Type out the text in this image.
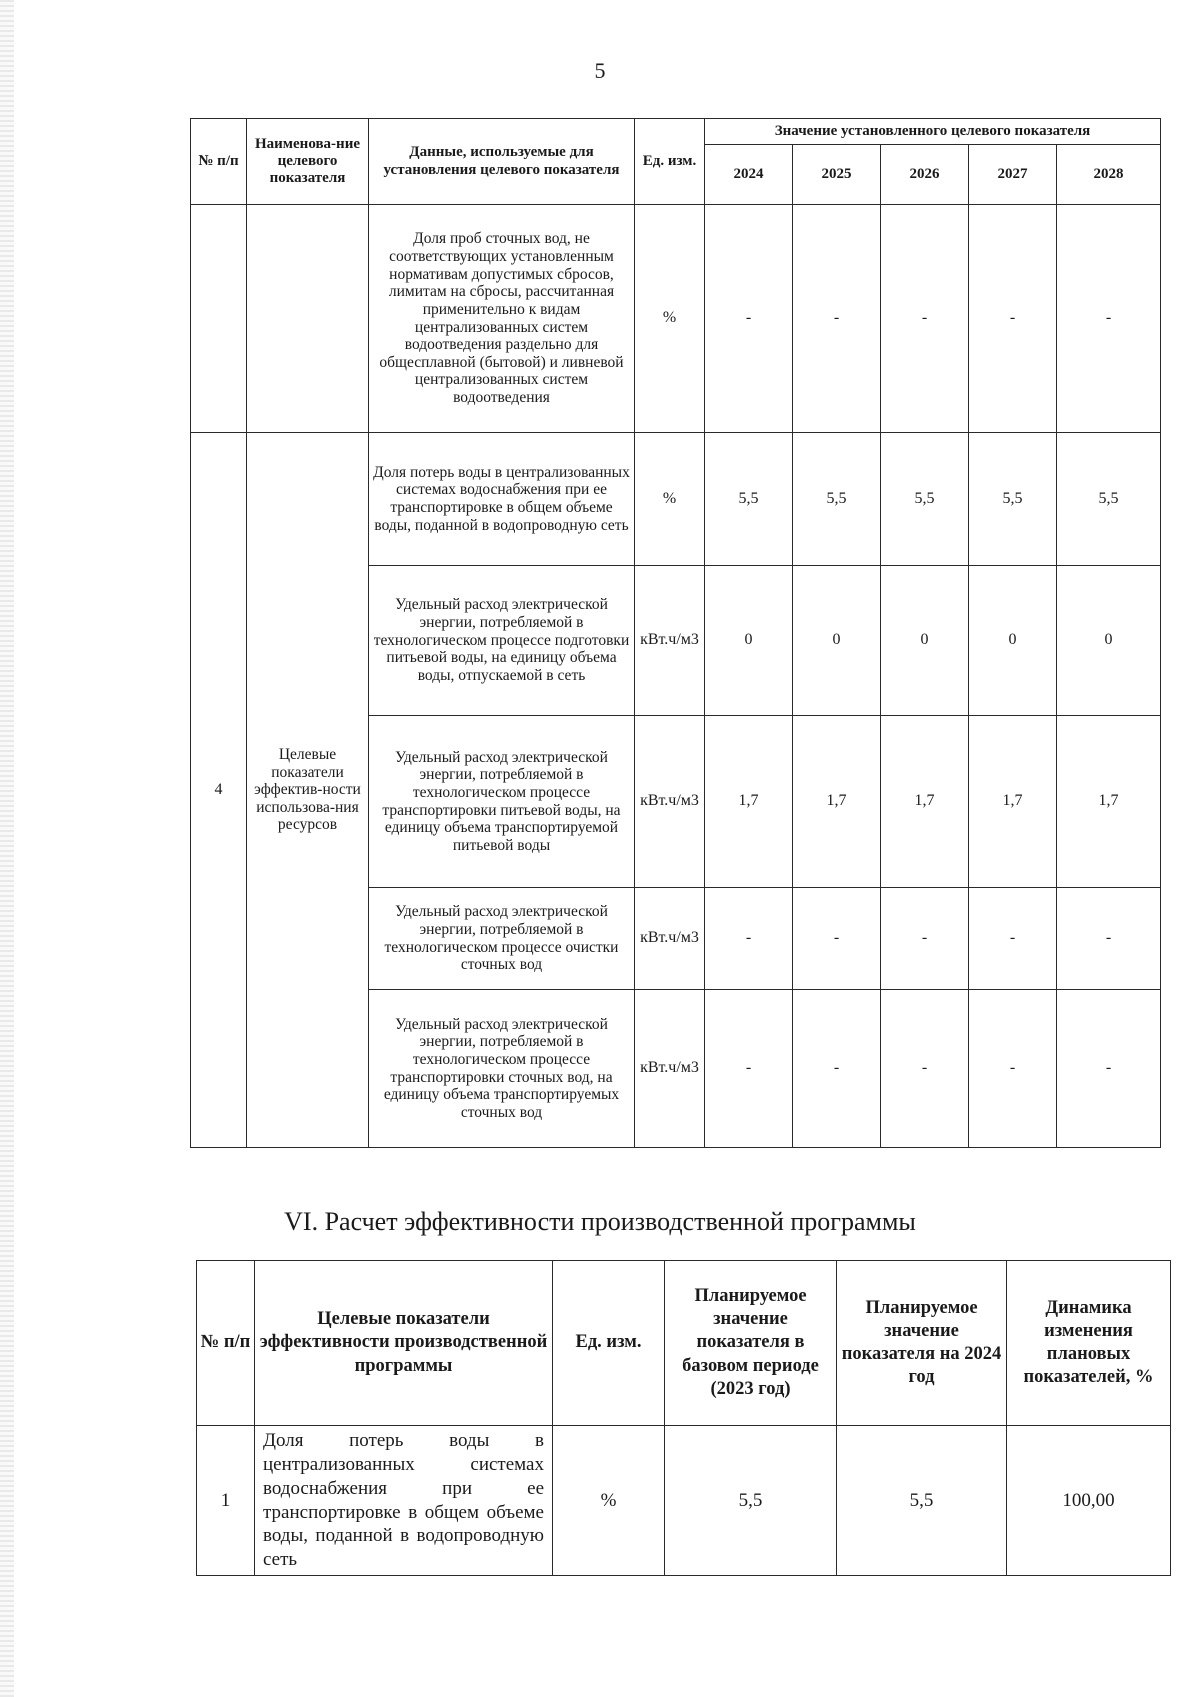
5
№ п/п	Наименова-ние целевого показателя	Данные, используемые для установления целевого показателя	Ед. изм.	Значение установленного целевого показателя				
				2024	2025	2026	2027	2028
		Доля проб сточных вод, не соответствующих установленным нормативам допустимых сбросов, лимитам на сбросы, рассчитанная применительно к видам централизованных систем водоотведения раздельно для общесплавной (бытовой) и ливневой централизованных систем водоотведения	%	-	-	-	-	-
4	Целевые показатели эффектив-ности использова-ния ресурсов	Доля потерь воды в централизованных системах водоснабжения при ее транспортировке в общем объеме воды, поданной в водопроводную сеть	%	5,5	5,5	5,5	5,5	5,5
		Удельный расход электрической энергии, потребляемой в технологическом процессе подготовки питьевой воды, на единицу объема воды, отпускаемой в сеть	кВт.ч/м3	0	0	0	0	0
		Удельный расход электрической энергии, потребляемой в технологическом процессе транспортировки питьевой воды, на единицу объема транспортируемой питьевой воды	кВт.ч/м3	1,7	1,7	1,7	1,7	1,7
		Удельный расход электрической энергии, потребляемой в технологическом процессе очистки сточных вод	кВт.ч/м3	-	-	-	-	-
		Удельный расход электрической энергии, потребляемой в технологическом процессе транспортировки сточных вод, на единицу объема транспортируемых сточных вод	кВт.ч/м3	-	-	-	-	-
VI. Расчет эффективности производственной программы
№ п/п	Целевые показатели эффективности производственной программы	Ед. изм.	Планируемое значение показателя в базовом периоде (2023 год)	Планируемое значение показателя на 2024 год	Динамика изменения плановых показателей, %
1	Доля потерь воды в централизованных системах водоснабжения при ее транспортировке в общем объеме воды, поданной в водопроводную сеть	%	5,5	5,5	100,00
